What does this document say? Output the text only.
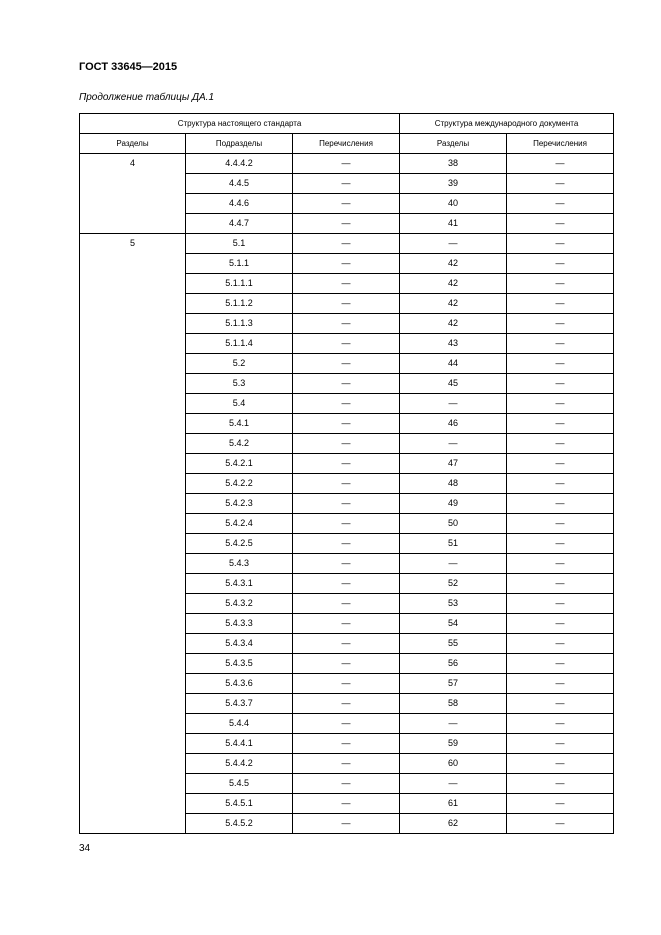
ГОСТ 33645—2015
Продолжение таблицы ДА.1
Структура настоящего стандарта			Структура международного документа	
Разделы	Подразделы	Перечисления	Разделы	Перечисления
4	4.4.4.2	—	38	—
	4.4.5	—	39	—
	4.4.6	—	40	—
	4.4.7	—	41	—
5	5.1	—	—	—
	5.1.1	—	42	—
	5.1.1.1	—	42	—
	5.1.1.2	—	42	—
	5.1.1.3	—	42	—
	5.1.1.4	—	43	—
	5.2	—	44	—
	5.3	—	45	—
	5.4	—	—	—
	5.4.1	—	46	—
	5.4.2	—	—	—
	5.4.2.1	—	47	—
	5.4.2.2	—	48	—
	5.4.2.3	—	49	—
	5.4.2.4	—	50	—
	5.4.2.5	—	51	—
	5.4.3	—	—	—
	5.4.3.1	—	52	—
	5.4.3.2	—	53	—
	5.4.3.3	—	54	—
	5.4.3.4	—	55	—
	5.4.3.5	—	56	—
	5.4.3.6	—	57	—
	5.4.3.7	—	58	—
	5.4.4	—	—	—
	5.4.4.1	—	59	—
	5.4.4.2	—	60	—
	5.4.5	—	—	—
	5.4.5.1	—	61	—
	5.4.5.2	—	62	—
34
